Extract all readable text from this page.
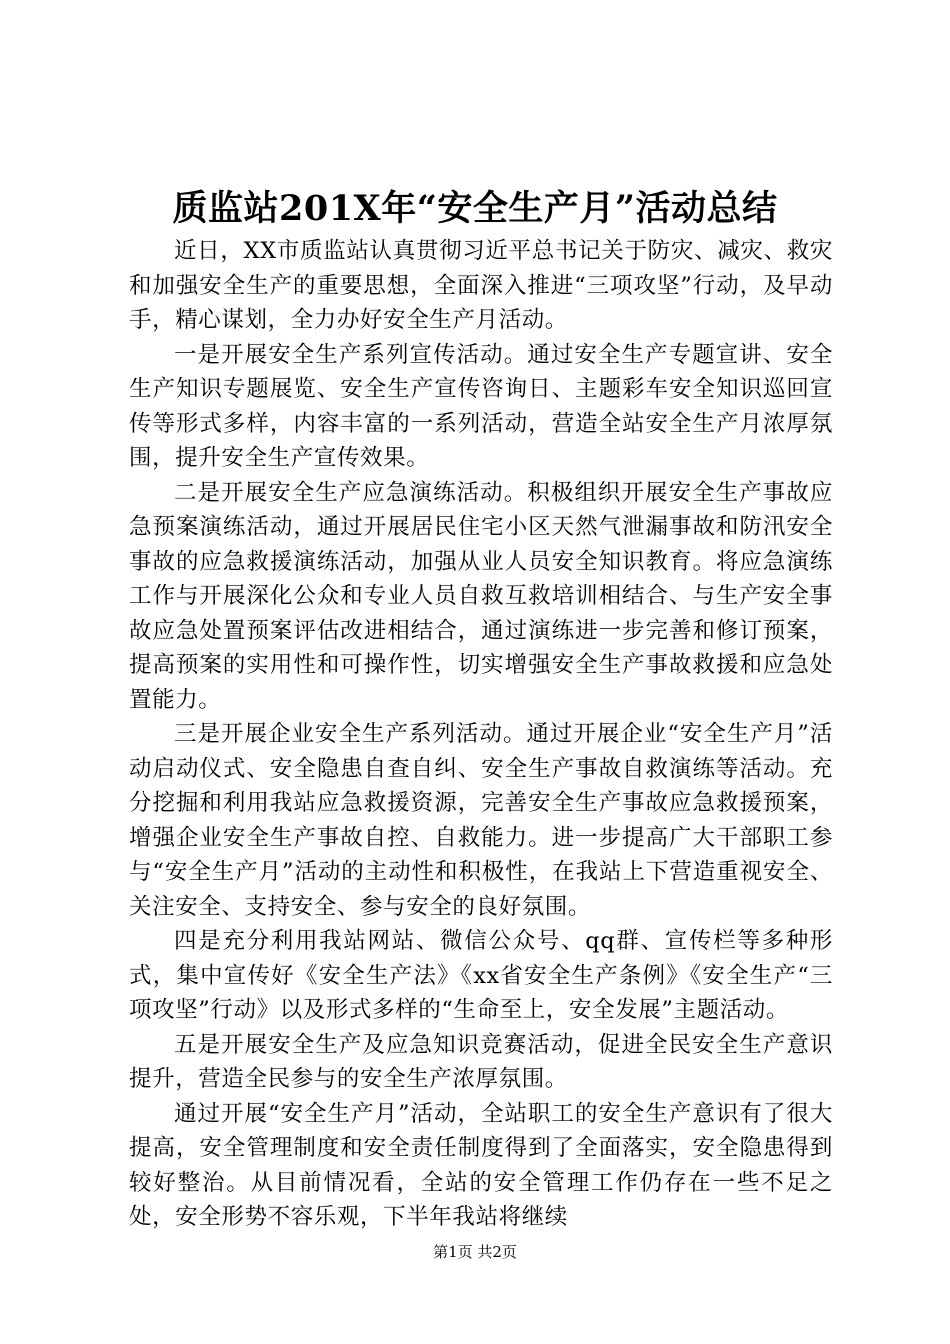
质监站201X年“安全生产月”活动总结

近日，XX市质监站认真贯彻习近平总书记关于防灾、减灾、救灾和加强安全生产的重要思想，全面深入推进“三项攻坚”行动，及早动手，精心谋划，全力办好安全生产月活动。

一是开展安全生产系列宣传活动。通过安全生产专题宣讲、安全生产知识专题展览、安全生产宣传咨询日、主题彩车安全知识巡回宣传等形式多样，内容丰富的一系列活动，营造全站安全生产月浓厚氛围，提升安全生产宣传效果。

二是开展安全生产应急演练活动。积极组织开展安全生产事故应急预案演练活动，通过开展居民住宅小区天然气泄漏事故和防汛安全事故的应急救援演练活动，加强从业人员安全知识教育。将应急演练工作与开展深化公众和专业人员自救互救培训相结合、与生产安全事故应急处置预案评估改进相结合，通过演练进一步完善和修订预案，提高预案的实用性和可操作性，切实增强安全生产事故救援和应急处置能力。

三是开展企业安全生产系列活动。通过开展企业“安全生产月”活动启动仪式、安全隐患自查自纠、安全生产事故自救演练等活动。充分挖掘和利用我站应急救援资源，完善安全生产事故应急救援预案，增强企业安全生产事故自控、自救能力。进一步提高广大干部职工参与“安全生产月”活动的主动性和积极性，在我站上下营造重视安全、关注安全、支持安全、参与安全的良好氛围。

四是充分利用我站网站、微信公众号、qq群、宣传栏等多种形式，集中宣传好《安全生产法》《xx省安全生产条例》《安全生产“三项攻坚”行动》以及形式多样的“生命至上，安全发展”主题活动。

五是开展安全生产及应急知识竞赛活动，促进全民安全生产意识提升，营造全民参与的安全生产浓厚氛围。

通过开展“安全生产月”活动，全站职工的安全生产意识有了很大提高，安全管理制度和安全责任制度得到了全面落实，安全隐患得到较好整治。从目前情况看，全站的安全管理工作仍存在一些不足之处，安全形势不容乐观，下半年我站将继续

第1页 共2页
